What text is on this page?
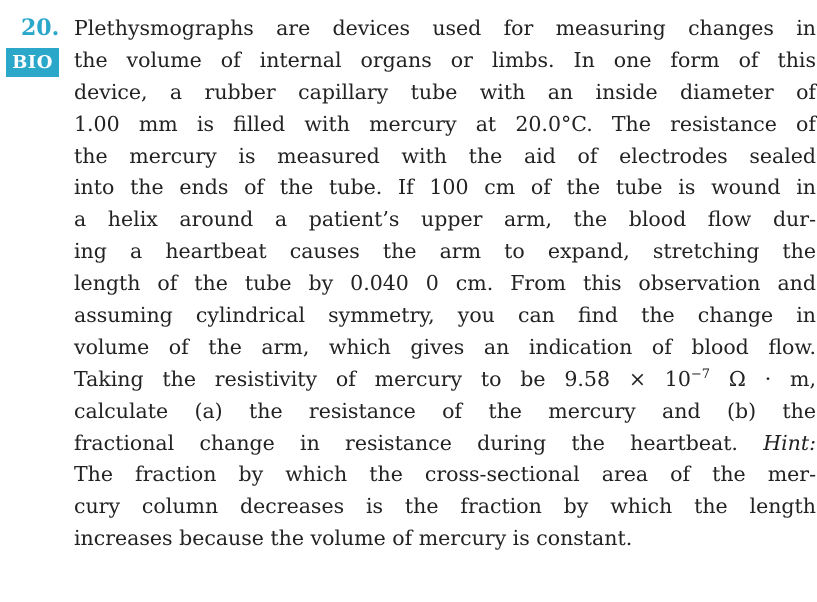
20.
BIO
Plethysmographs are devices used for measuring changes in
the volume of internal organs or limbs. In one form of this
device, a rubber capillary tube with an inside diameter of
1.00 mm is filled with mercury at 20.0°C. The resistance of
the mercury is measured with the aid of electrodes sealed
into the ends of the tube. If 100 cm of the tube is wound in
a helix around a patient’s upper arm, the blood flow dur-
ing a heartbeat causes the arm to expand, stretching the
length of the tube by 0.040 0 cm. From this observation and
assuming cylindrical symmetry, you can find the change in
volume of the arm, which gives an indication of blood flow.
Taking the resistivity of mercury to be $9.58 \times 10^{-7}$ Ω · m,
calculate (a) the resistance of the mercury and (b) the
fractional change in resistance during the heartbeat. Hint:
The fraction by which the cross-sectional area of the mer-
cury column decreases is the fraction by which the length
increases because the volume of mercury is constant.
